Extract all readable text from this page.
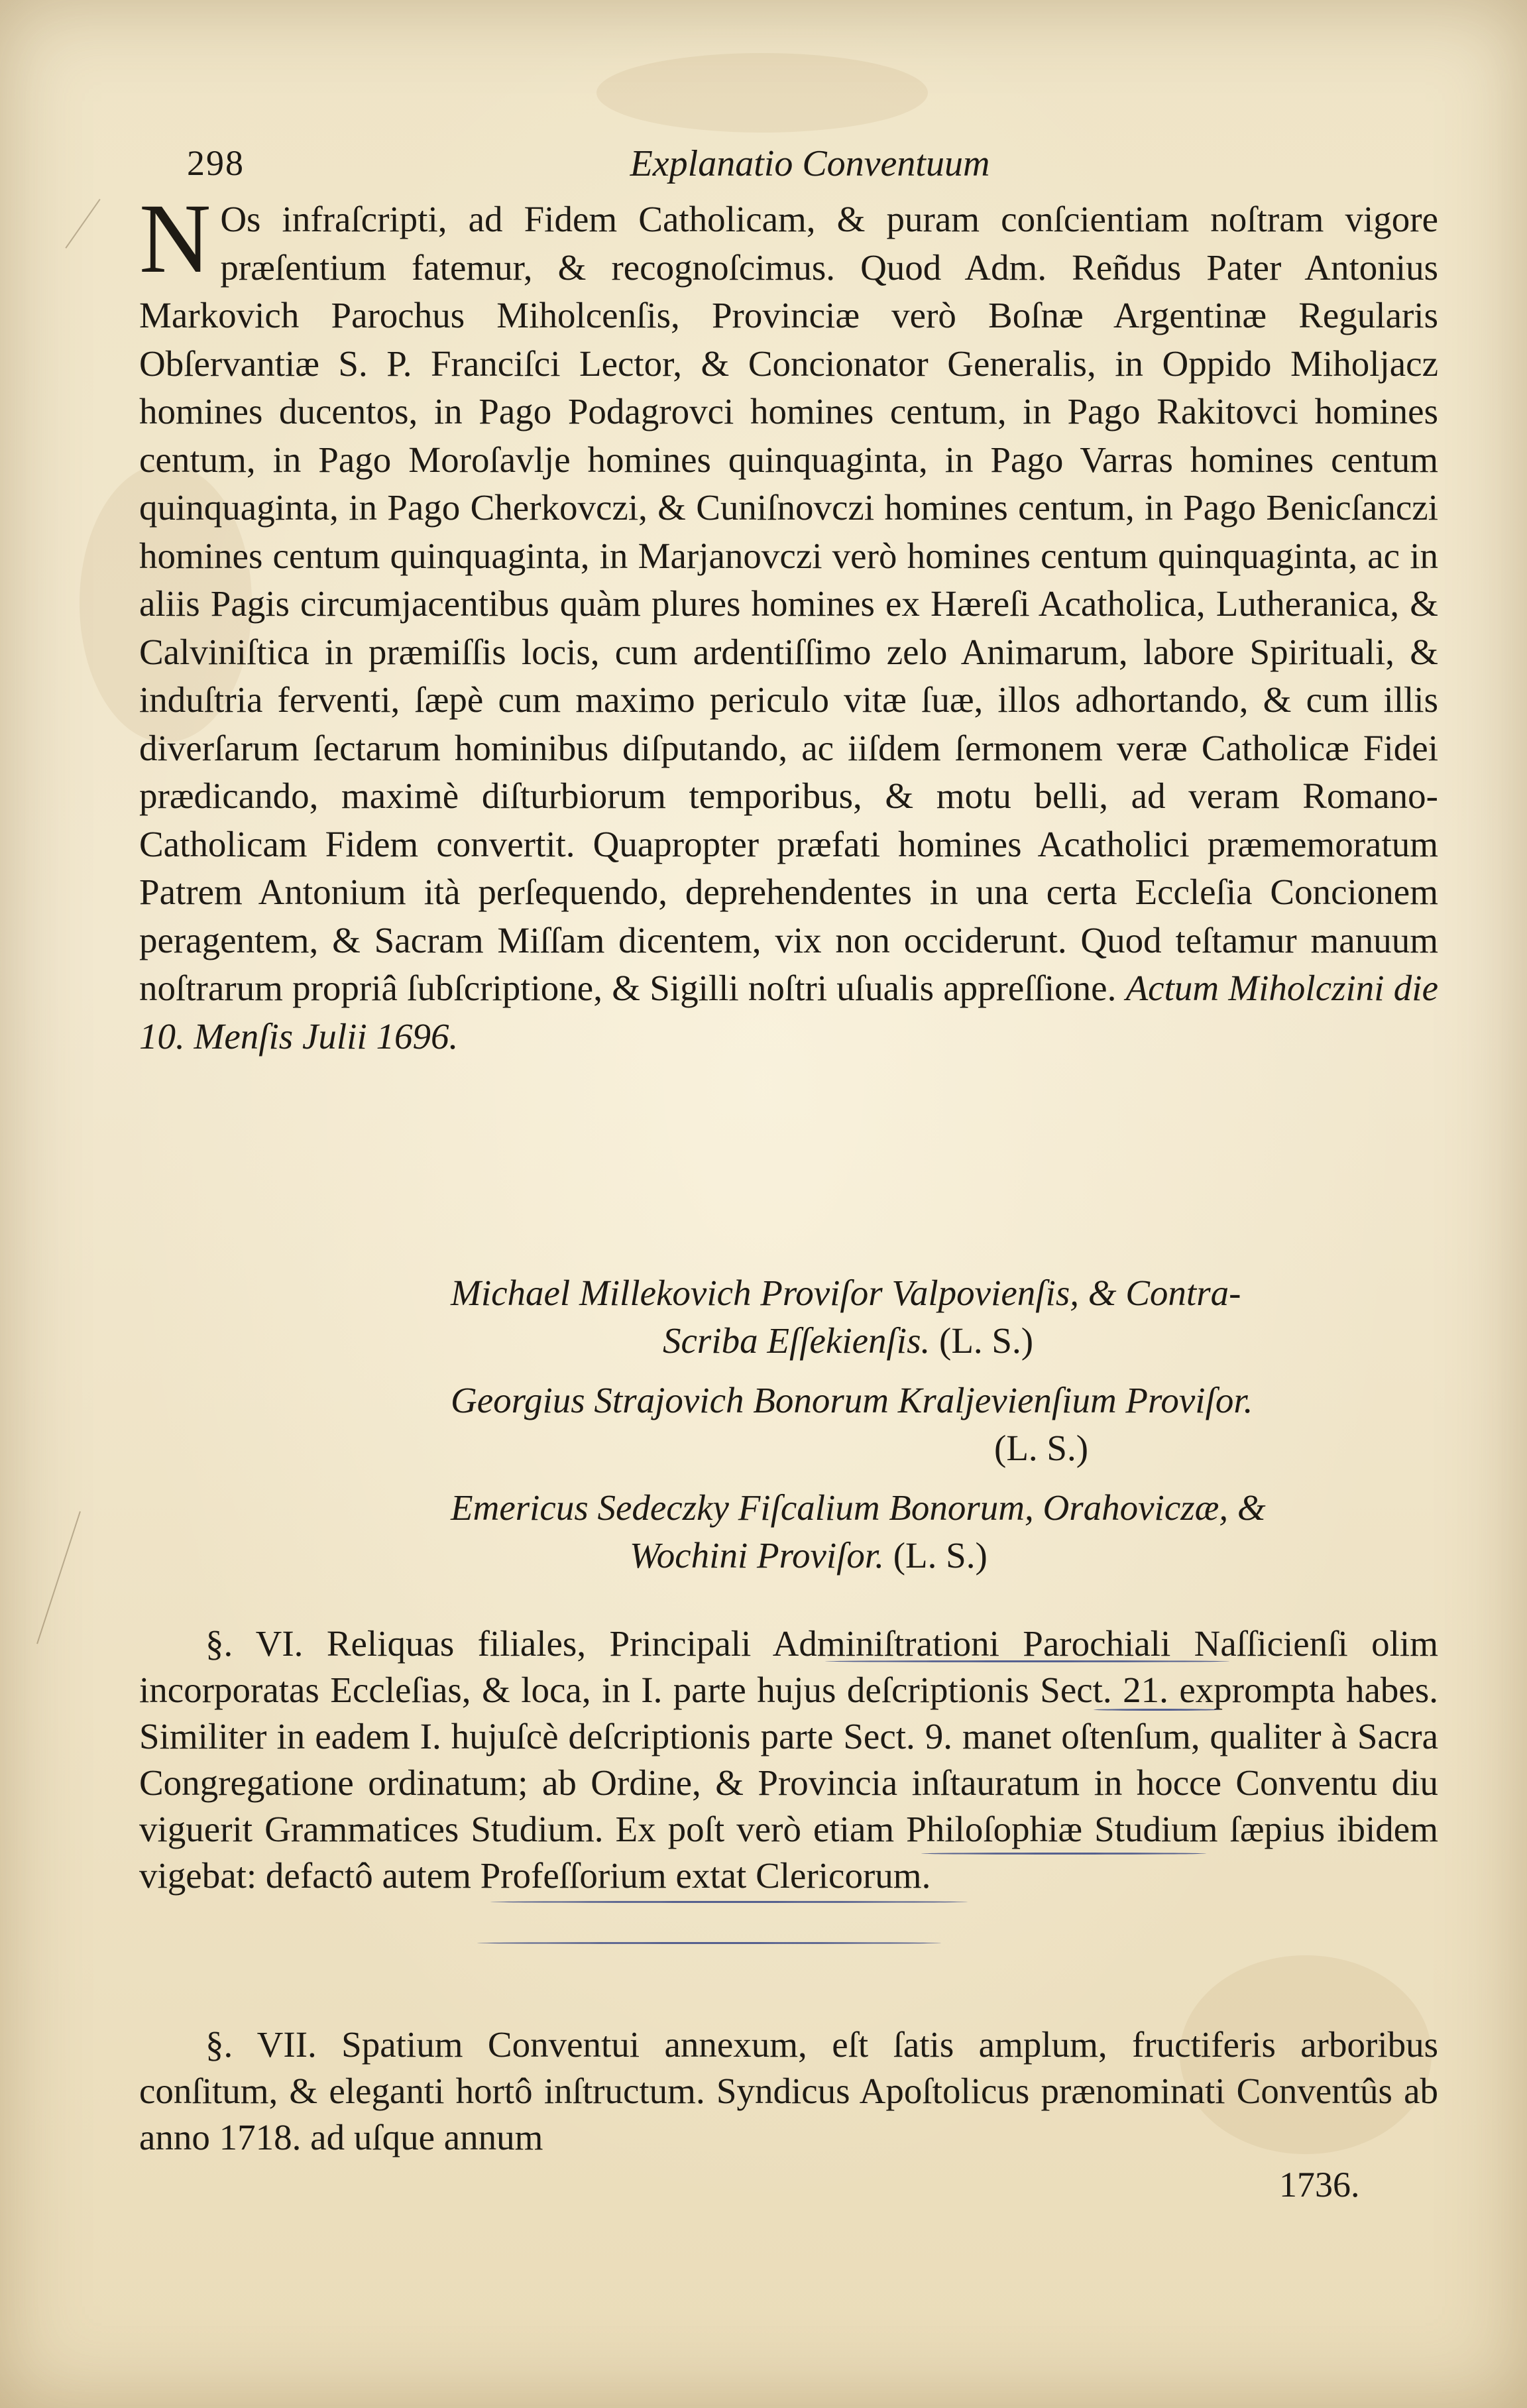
298	Explanatio Conventuum

N Os infraſcripti, ad Fidem Catholicam, & puram conſcientiam noſtram vigore præſentium fatemur, & recognoſcimus. Quod Adm. Reñdus Pater Antonius Markovich Parochus Miholcenſis, Provinciæ verò Boſnæ Argentinæ Regularis Obſervantiæ S. P. Franciſci Lector, & Concionator Generalis, in Oppido Miholjacz homines ducentos, in Pago Podagrovci homines centum, in Pago Rakitovci homines centum, in Pago Moroſavlje homines quinquaginta, in Pago Varras homines centum quinquaginta, in Pago Cherkovczi, & Cuniſnovczi homines centum, in Pago Beniсſanczi homines centum quinquaginta, in Marjanovczi verò homines centum quinquaginta, ac in aliis Pagis circumjacentibus quàm plures homines ex Hæreſi Acatholica, Lutheranica, & Calviniſtica in præmiſſis locis, cum ardentiſſimo zelo Animarum, labore Spirituali, & induſtria ferventi, ſæpè cum maximo periculo vitæ ſuæ, illos adhortando, & cum illis diverſarum ſectarum hominibus diſputando, ac iiſdem ſermonem veræ Catholicæ Fidei prædicando, maximè diſturbiorum temporibus, & motu belli, ad veram Romano-Catholicam Fidem convertit. Quapropter præfati homines Acatholici præmemoratum Patrem Antonium ità perſequendo, deprehendentes in una certa Eccleſia Concionem peragentem, & Sacram Miſſam dicentem, vix non occiderunt. Quod teſtamur manuum noſtrarum propriâ ſubſcriptione, & Sigilli noſtri uſualis appreſſione. Actum Miholczini die 10. Menſis Julii 1696.

Michael Millekovich Proviſor Valpovienſis, & Contra-
Scriba Eſſekienſis. (L. S.)
Georgius Strajovich Bonorum Kraljevienſium Proviſor.
(L. S.)
Emericus Sedeczky Fiſcalium Bonorum, Orahoviczæ, &
Wochini Proviſor. (L. S.)

§. VI. Reliquas filiales, Principali Adminiſtrationi Parochiali Naſſicienſi olim incorporatas Eccleſias, & loca, in I. parte hujus deſcriptionis Sect. 21. exprompta habes. Similiter in eadem I. hujuſcè deſcriptionis parte Sect. 9. manet oſtenſum, qualiter à Sacra Congregatione ordinatum; ab Ordine, & Provincia inſtauratum in hocce Conventu diu viguerit Grammatices Studium. Ex poſt verò etiam Philoſophiæ Studium ſæpius ibidem vigebat: defactô autem Profeſſorium extat Clericorum.

§. VII. Spatium Conventui annexum, eſt ſatis amplum, fructiferis arboribus conſitum, & eleganti hortô inſtructum. Syndicus Apoſtolicus prænominati Conventûs ab anno 1718. ad uſque annum

1736.
